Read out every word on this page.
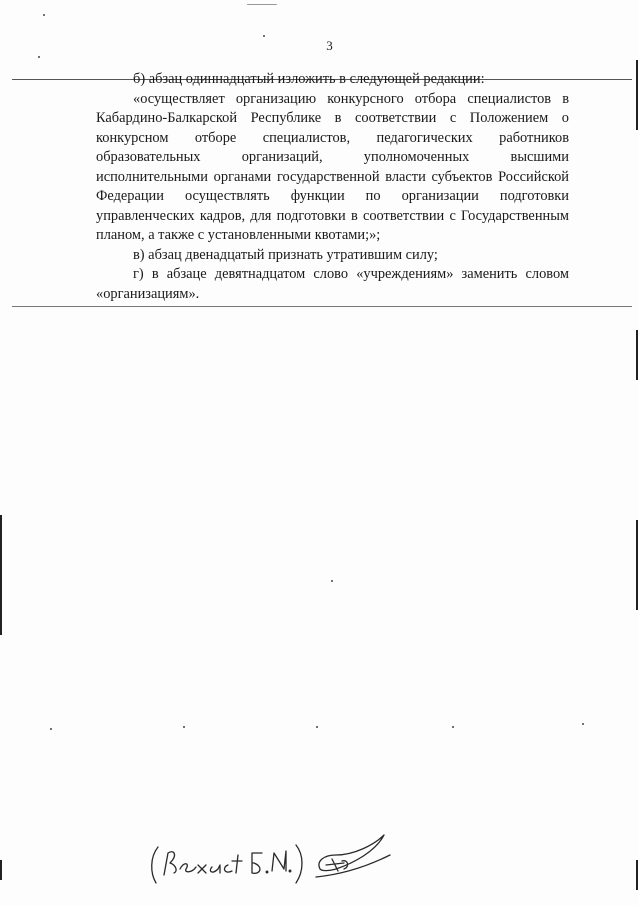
3

б) абзац одиннадцатый изложить в следующей редакции:

«осуществляет организацию конкурсного отбора специалистов в Кабардино-Балкарской Республике в соответствии с Положением о конкурсном отборе специалистов, педагогических работников образовательных организаций, уполномоченных высшими исполнительными органами государственной власти субъектов Российской Федерации осуществлять функции по организации подготовки управленческих кадров, для подготовки в соответствии с Государственным планом, а также с установленными квотами;»;

в) абзац двенадцатый признать утратившим силу;

г) в абзаце девятнадцатом слово «учреждениям» заменить словом «организациям».
